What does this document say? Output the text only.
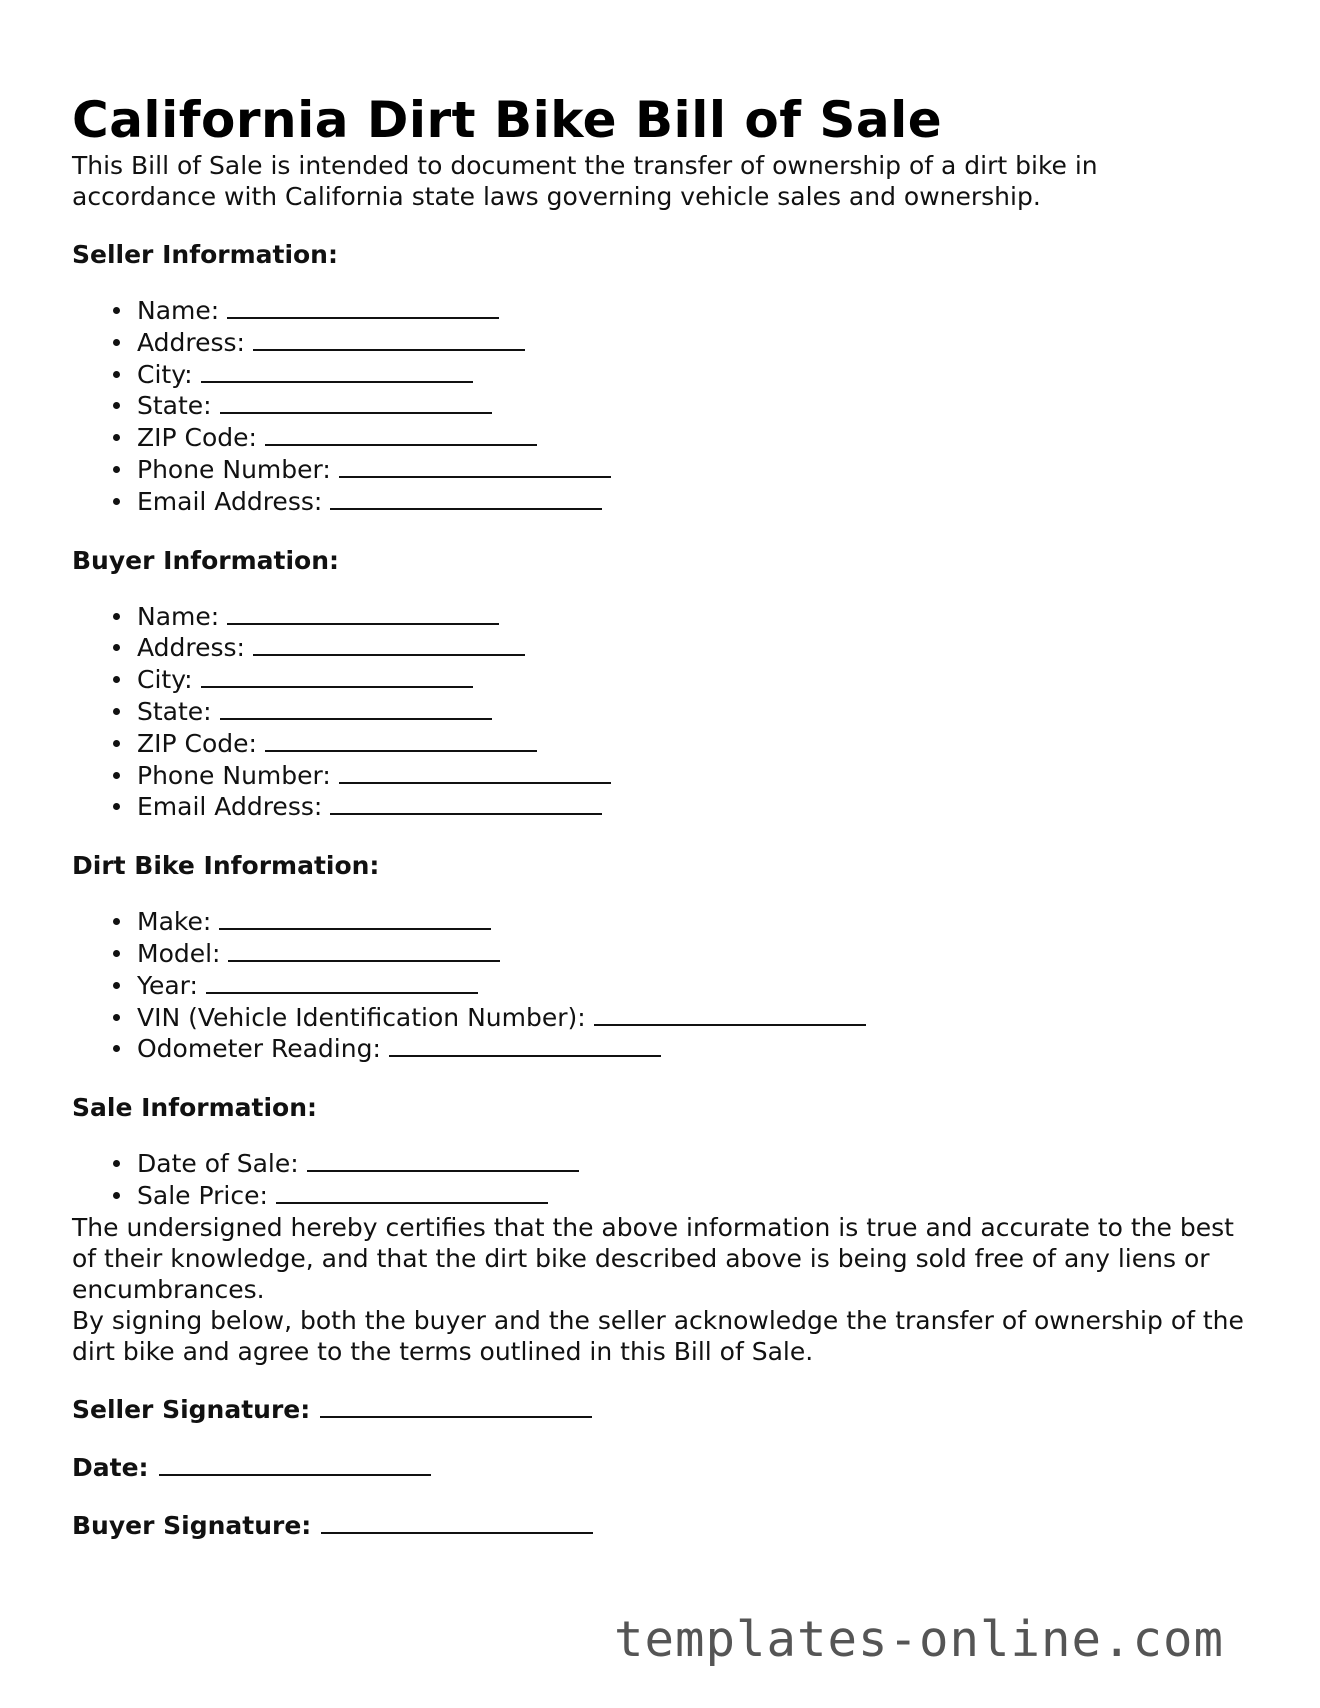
California Dirt Bike Bill of Sale

This Bill of Sale is intended to document the transfer of ownership of a dirt bike in accordance with California state laws governing vehicle sales and ownership.

Seller Information:
Name:
Address:
City:
State:
ZIP Code:
Phone Number:
Email Address:
Buyer Information:
Name:
Address:
City:
State:
ZIP Code:
Phone Number:
Email Address:
Dirt Bike Information:
Make:
Model:
Year:
VIN (Vehicle Identification Number):
Odometer Reading:
Sale Information:
Date of Sale:
Sale Price:

The undersigned hereby certifies that the above information is true and accurate to the best of their knowledge, and that the dirt bike described above is being sold free of any liens or encumbrances.

By signing below, both the buyer and the seller acknowledge the transfer of ownership of the dirt bike and agree to the terms outlined in this Bill of Sale.

Seller Signature:
Date:
Buyer Signature:
templates-online.com
